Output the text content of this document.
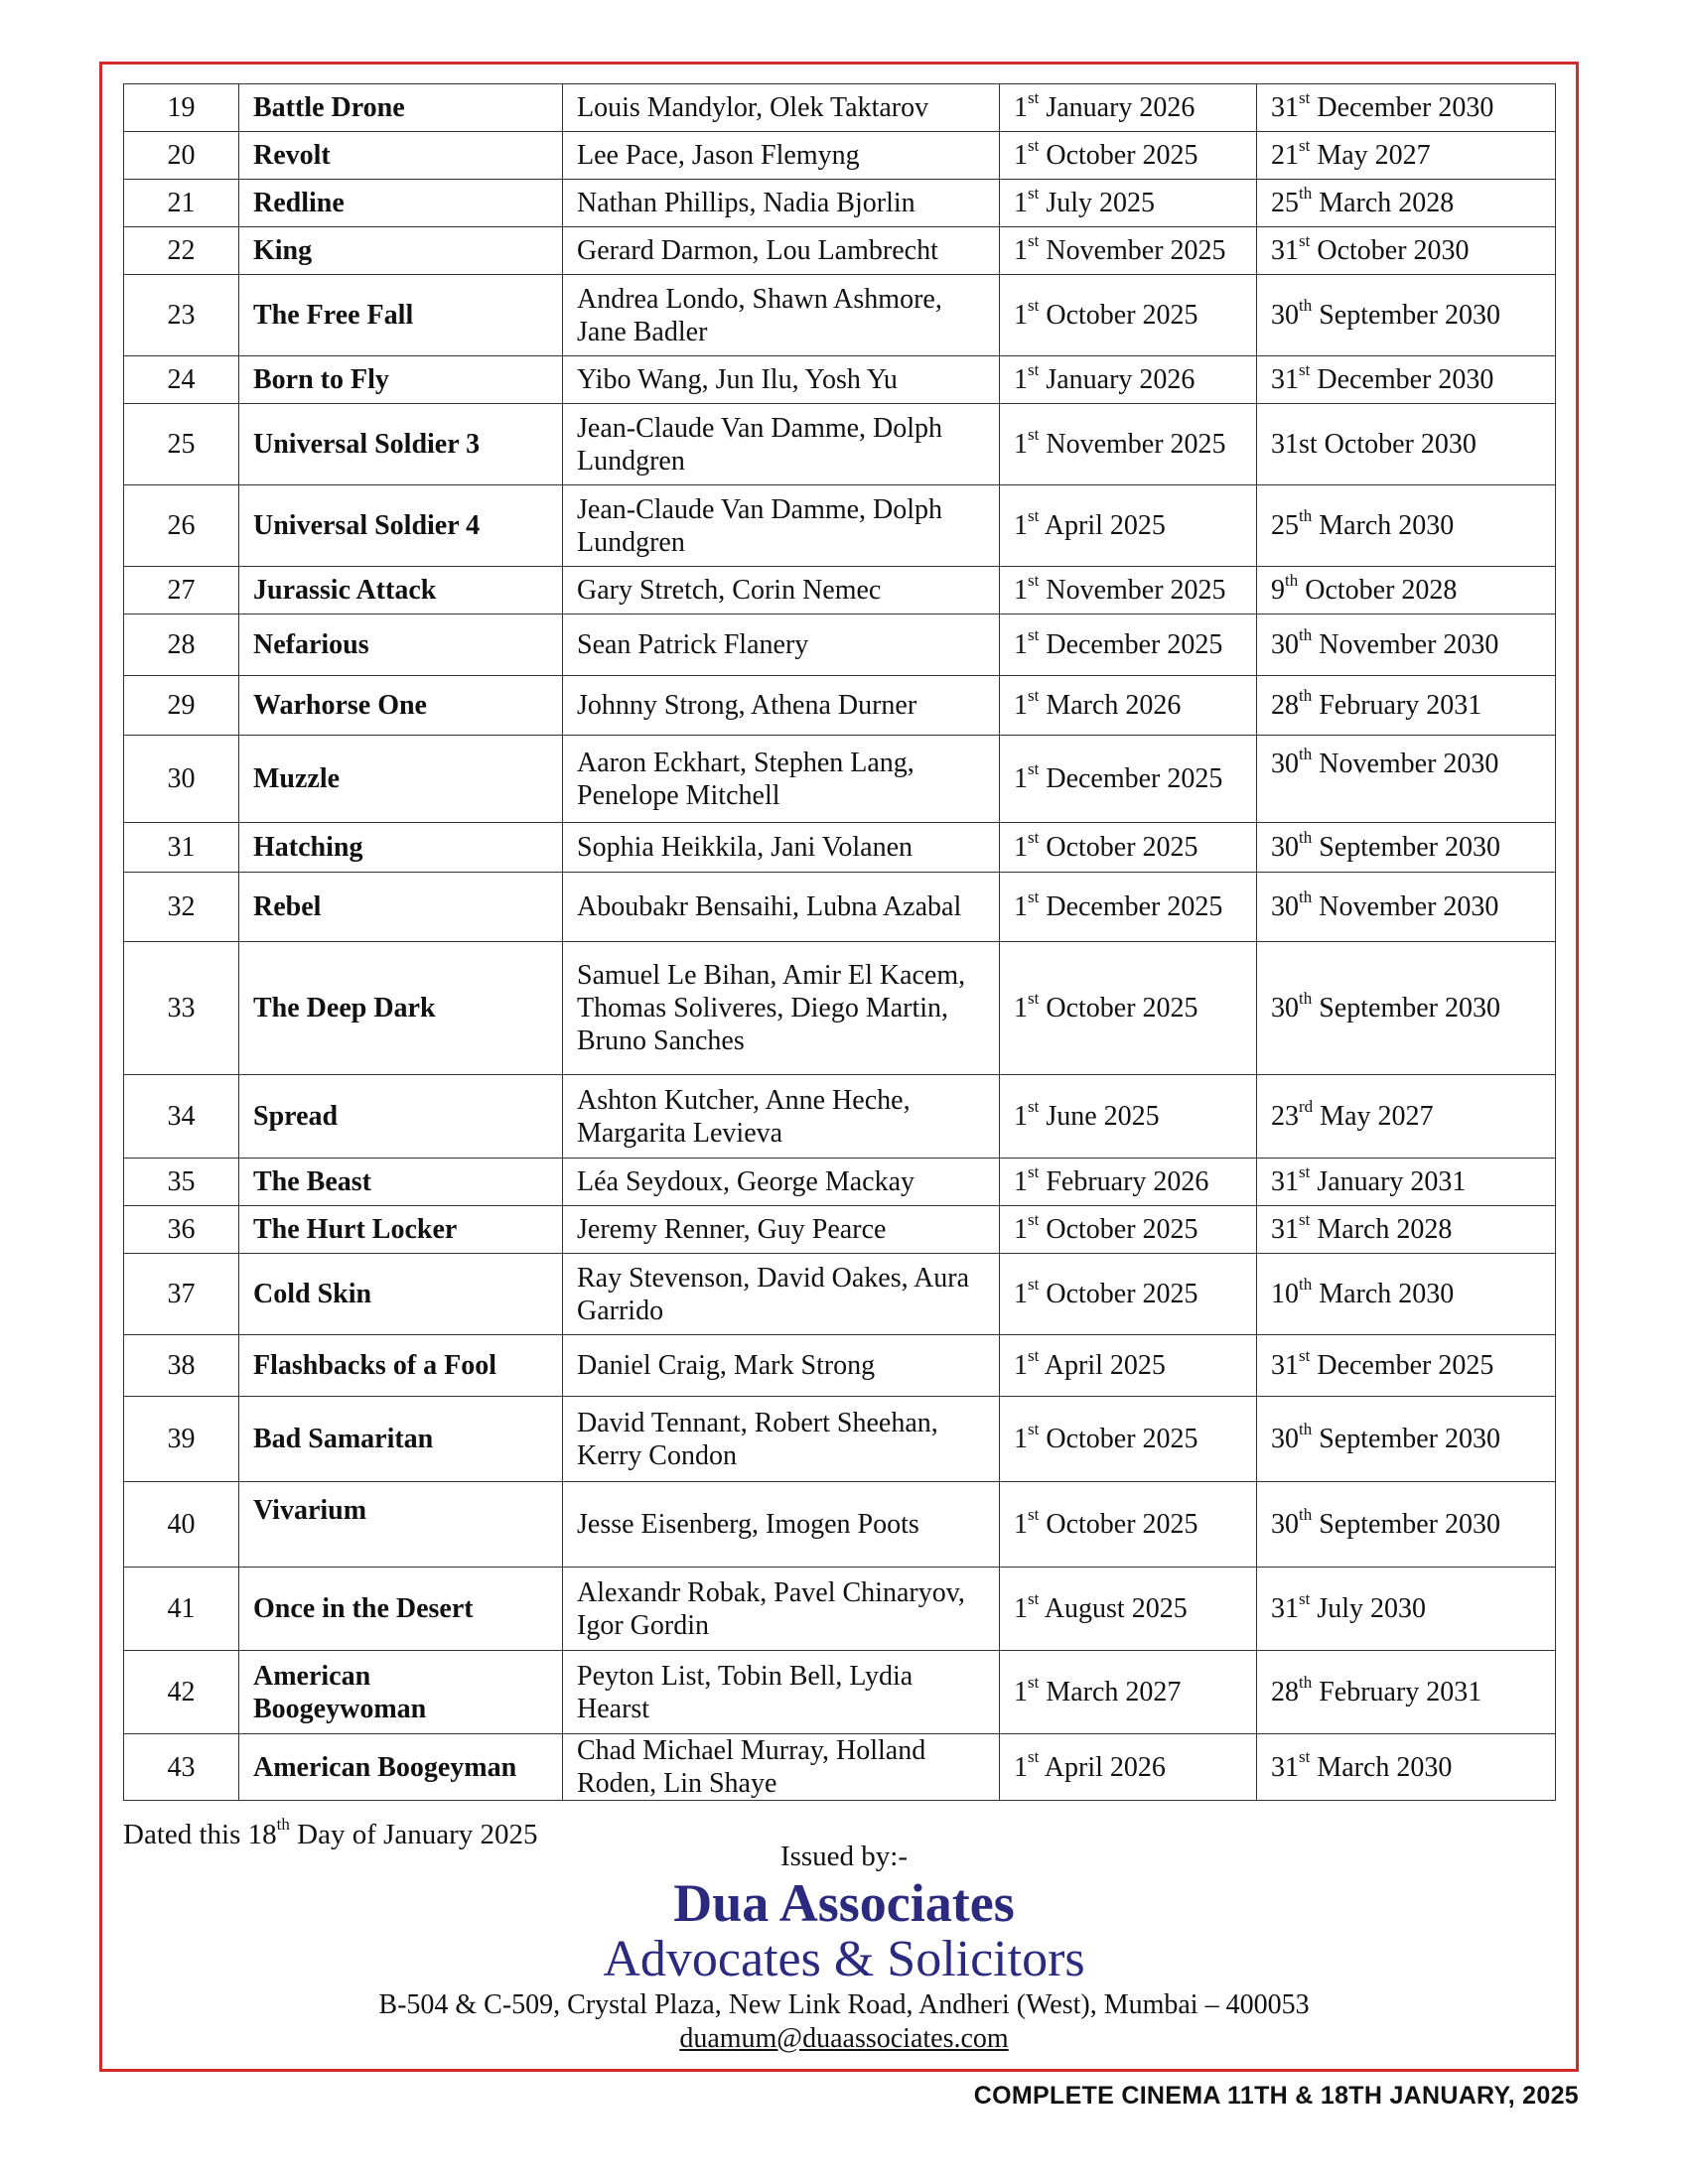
19	Battle Drone	Louis Mandylor, Olek Taktarov	1st January 2026	31st December 2030
20	Revolt	Lee Pace, Jason Flemyng	1st October 2025	21st May 2027
21	Redline	Nathan Phillips, Nadia Bjorlin	1st July 2025	25th March 2028
22	King	Gerard Darmon, Lou Lambrecht	1st November 2025	31st October 2030
23	The Free Fall	Andrea Londo, Shawn Ashmore, Jane Badler	1st October 2025	30th September 2030
24	Born to Fly	Yibo Wang, Jun Ilu, Yosh Yu	1st January 2026	31st December 2030
25	Universal Soldier 3	Jean-Claude Van Damme, Dolph Lundgren	1st November 2025	31st October 2030
26	Universal Soldier 4	Jean-Claude Van Damme, Dolph Lundgren	1st April 2025	25th March 2030
27	Jurassic Attack	Gary Stretch, Corin Nemec	1st November 2025	9th October 2028
28	Nefarious	Sean Patrick Flanery	1st December 2025	30th November 2030
29	Warhorse One	Johnny Strong, Athena Durner	1st March 2026	28th February 2031
30	Muzzle	Aaron Eckhart, Stephen Lang, Penelope Mitchell	1st December 2025	30th November 2030
31	Hatching	Sophia Heikkila, Jani Volanen	1st October 2025	30th September 2030
32	Rebel	Aboubakr Bensaihi, Lubna Azabal	1st December 2025	30th November 2030
33	The Deep Dark	Samuel Le Bihan, Amir El Kacem, Thomas Soliveres, Diego Martin, Bruno Sanches	1st October 2025	30th September 2030
34	Spread	Ashton Kutcher, Anne Heche, Margarita Levieva	1st June 2025	23rd May 2027
35	The Beast	Léa Seydoux, George Mackay	1st February 2026	31st January 2031
36	The Hurt Locker	Jeremy Renner, Guy Pearce	1st October 2025	31st March 2028
37	Cold Skin	Ray Stevenson, David Oakes, Aura Garrido	1st October 2025	10th March 2030
38	Flashbacks of a Fool	Daniel Craig, Mark Strong	1st April 2025	31st December 2025
39	Bad Samaritan	David Tennant, Robert Sheehan, Kerry Condon	1st October 2025	30th September 2030
40	Vivarium	Jesse Eisenberg, Imogen Poots	1st October 2025	30th September 2030
41	Once in the Desert	Alexandr Robak, Pavel Chinaryov, Igor Gordin	1st August 2025	31st July 2030
42	American Boogeywoman	Peyton List, Tobin Bell, Lydia Hearst	1st March 2027	28th February 2031
43	American Boogeyman	Chad Michael Murray, Holland Roden, Lin Shaye	1st April 2026	31st March 2030
Dated this 18th Day of January 2025
Issued by:-
Dua Associates
Advocates & Solicitors
B-504 & C-509, Crystal Plaza, New Link Road, Andheri (West), Mumbai – 400053
duamum@duaassociates.com
COMPLETE CINEMA 11TH & 18TH JANUARY, 2025
